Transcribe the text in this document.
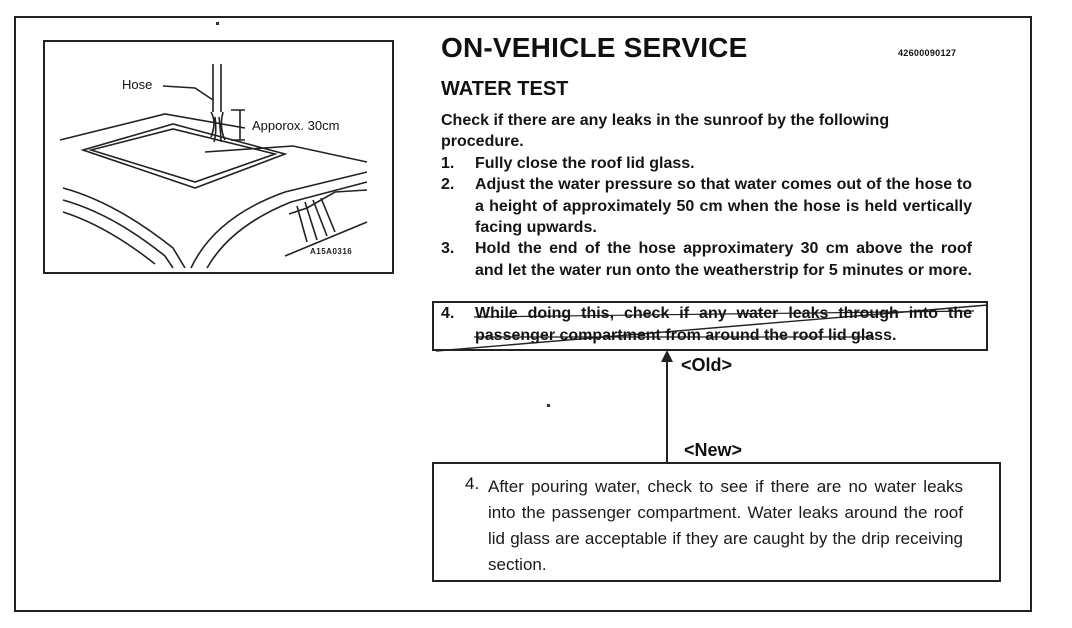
Hose
Apporox. 30cm
A15A0316
ON-VEHICLE SERVICE	42600090127
WATER TEST
Check if there are any leaks in the sunroof by the following procedure.
1. Fully close the roof lid glass.
2. Adjust the water pressure so that water comes out of the hose to a height of approximately 50 cm when the hose is held vertically facing upwards.
3. Hold the end of the hose approximatery 30 cm above the roof and let the water run onto the weatherstrip for 5 minutes or more.
4. While doing this, check if any water leaks through into the passenger compartment from around the roof lid glass.
<Old>
<New>
4. After pouring water, check to see if there are no water leaks into the passenger compartment. Water leaks around the roof lid glass are acceptable if they are caught by the drip receiving section.
